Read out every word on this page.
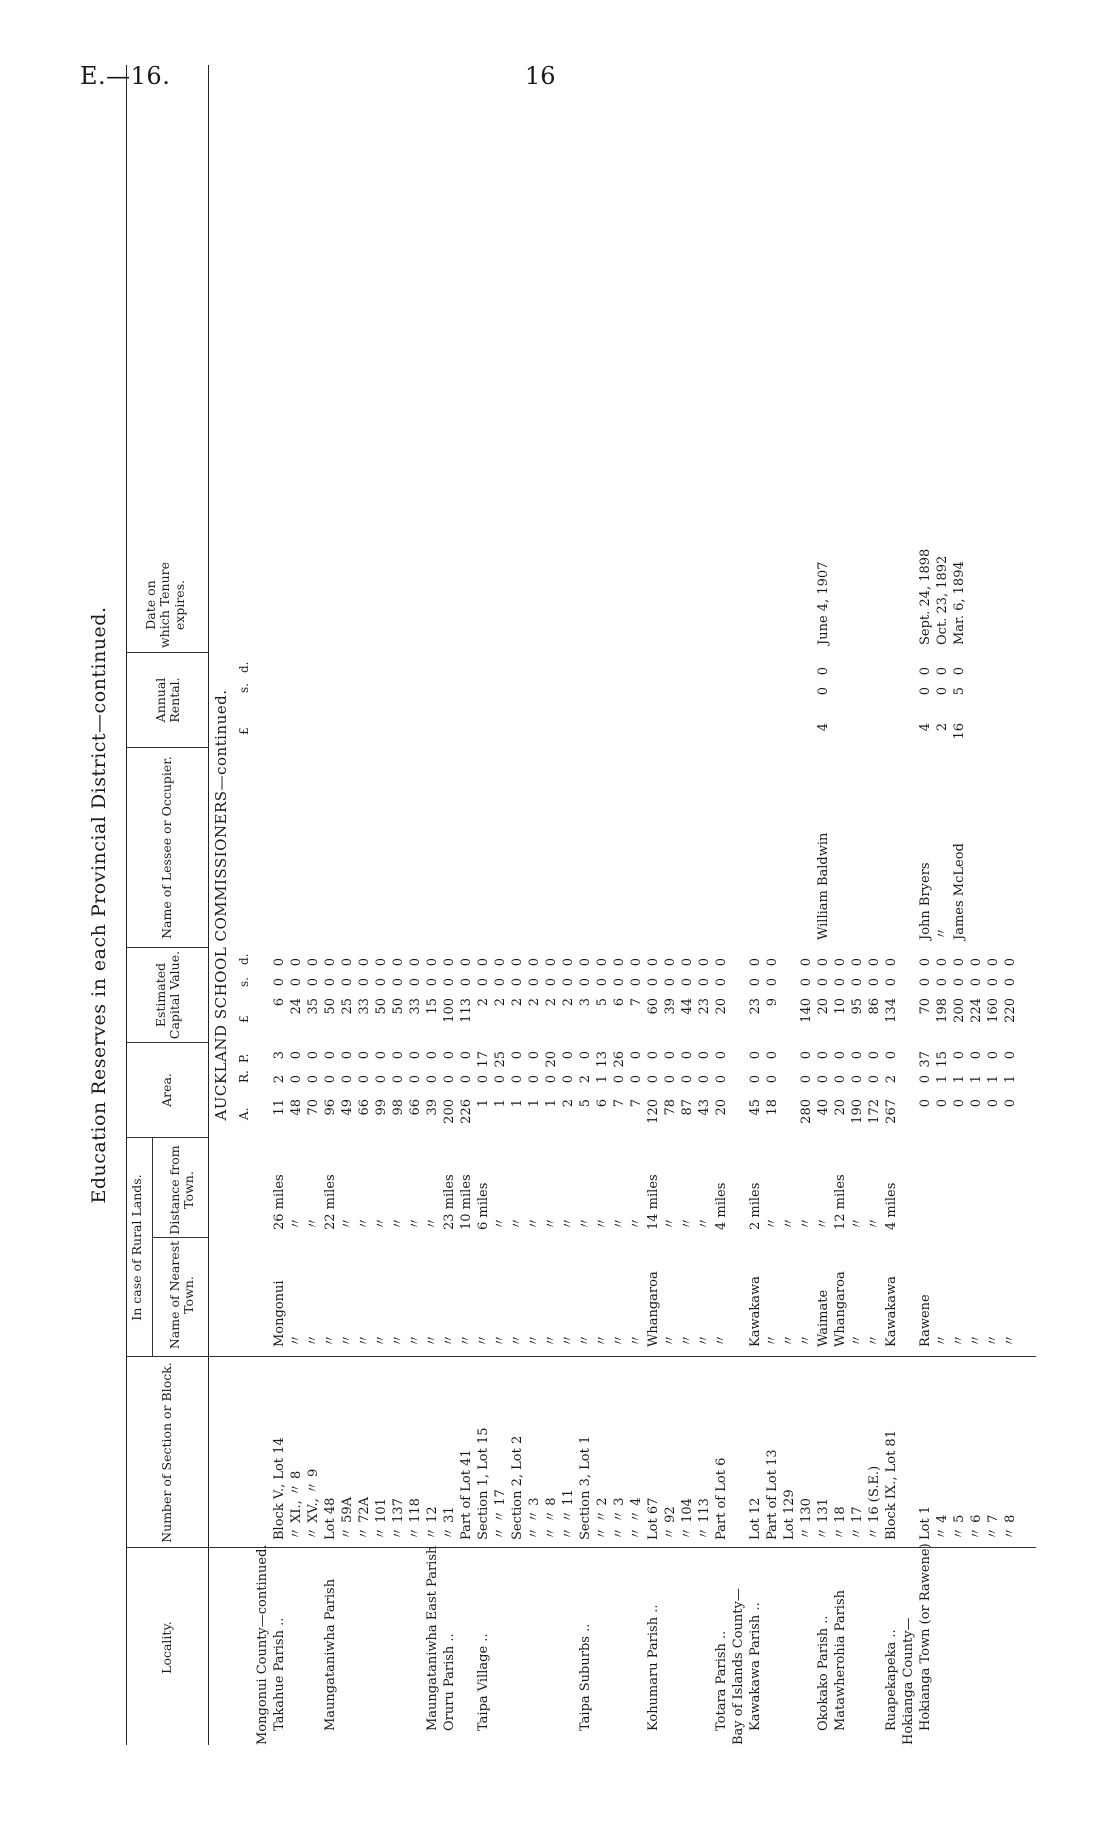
E.—16.	16
Education Reserves in each Provincial District—continued.
Locality.
Number of Section or Block.
In case of Rural Lands. Name of Nearest Town.
Distance from Town.
Area.
Estimated Capital Value.
Name of Lessee or Occupier.
Annual Rental.
Date on which Tenure expires.
AUCKLAND SCHOOL COMMISSIONERS—continued. A.
R.
P.
£
s.
d.
£
s.
d.
Mongonui County—continued. Takahue Parish ..
Block V., Lot 14
Mongonui
26 miles
11
2
3
6
0
0
〃 XI., 〃 8
〃
〃
48
0
0
24
0
0
〃 XV., 〃 9
〃
〃
70
0
0
35
0
0
Maungataniwha Parish
Lot 48
〃
22 miles
96
0
0
50
0
0
〃 59A
〃
〃
49
0
0
25
0
0
〃 72A
〃
〃
66
0
0
33
0
0
〃 101
〃
〃
99
0
0
50
0
0
〃 137
〃
〃
98
0
0
50
0
0
〃 118
〃
〃
66
0
0
33
0
0
Maungataniwha East Parish
〃 12
〃
〃
39
0
0
15
0
0
Oruru Parish ..
〃 31
〃
23 miles
200
0
0
100
0
0
Part of Lot 41
〃
10 miles
226
0
0
113
0
0
Taipa Village ..
Section 1, Lot 15
〃
6 miles
1
0
17
2
0
0
〃 〃 17
〃
〃
1
0
25
2
0
0
Section 2, Lot 2
〃
〃
1
0
0
2
0
0
〃 〃 3
〃
〃
1
0
0
2
0
0
〃 〃 8
〃
〃
1
0
20
2
0
0
〃 〃 11
〃
〃
2
0
0
2
0
0
Taipa Suburbs ..
Section 3, Lot 1
〃
〃
5
2
0
3
0
0
〃 〃 2
〃
〃
6
1
13
5
0
0
〃 〃 3
〃
〃
7
0
26
6
0
0
〃 〃 4
〃
〃
7
0
0
7
0
0
Kohumaru Parish ..
Lot 67
Whangaroa
14 miles
120
0
0
60
0
0
〃 92
〃
〃
78
0
0
39
0
0
〃 104
〃
〃
87
0
0
44
0
0
〃 113
〃
〃
43
0
0
23
0
0
Totara Parish ..
Part of Lot 6
〃
4 miles
20
0
0
20
0
0
Bay of Islands County— Kawakawa Parish ..
Lot 12
Kawakawa
2 miles
45
0
0
23
0
0
Part of Lot 13
〃
〃
18
0
0
9
0
0
Lot 129
〃
〃
〃 130
〃
〃
280
0
0
140
0
0
Okokako Parish ..
〃 131
Waimate
〃
40
0
0
20
0
0
William Baldwin
4
0
0
June 4, 1907
Matawherohia Parish
〃 18
Whangaroa
12 miles
20
0
0
10
0
0
〃 17
〃
〃
190
0
0
95
0
0
〃 16 (S.E.)
〃
〃
172
0
0
86
0
0
Ruapekapeka ..
Block IX., Lot 81
Kawakawa
4 miles
267
2
0
134
0
0
Hokianga County— Hokianga Town (or Rawene)
Lot 1
Rawene
0
0
37
70
0
0
John Bryers
4
0
0
Sept. 24, 1898
〃 4
〃
0
1
15
198
0
0
〃
2
0
0
Oct. 23, 1892
〃 5
〃
0
1
0
200
0
0
James McLeod
16
5
0
Mar. 6, 1894
〃 6
〃
0
1
0
224
0
0
〃 7
〃
0
1
0
160
0
0
〃 8
〃
0
1
0
220
0
0
